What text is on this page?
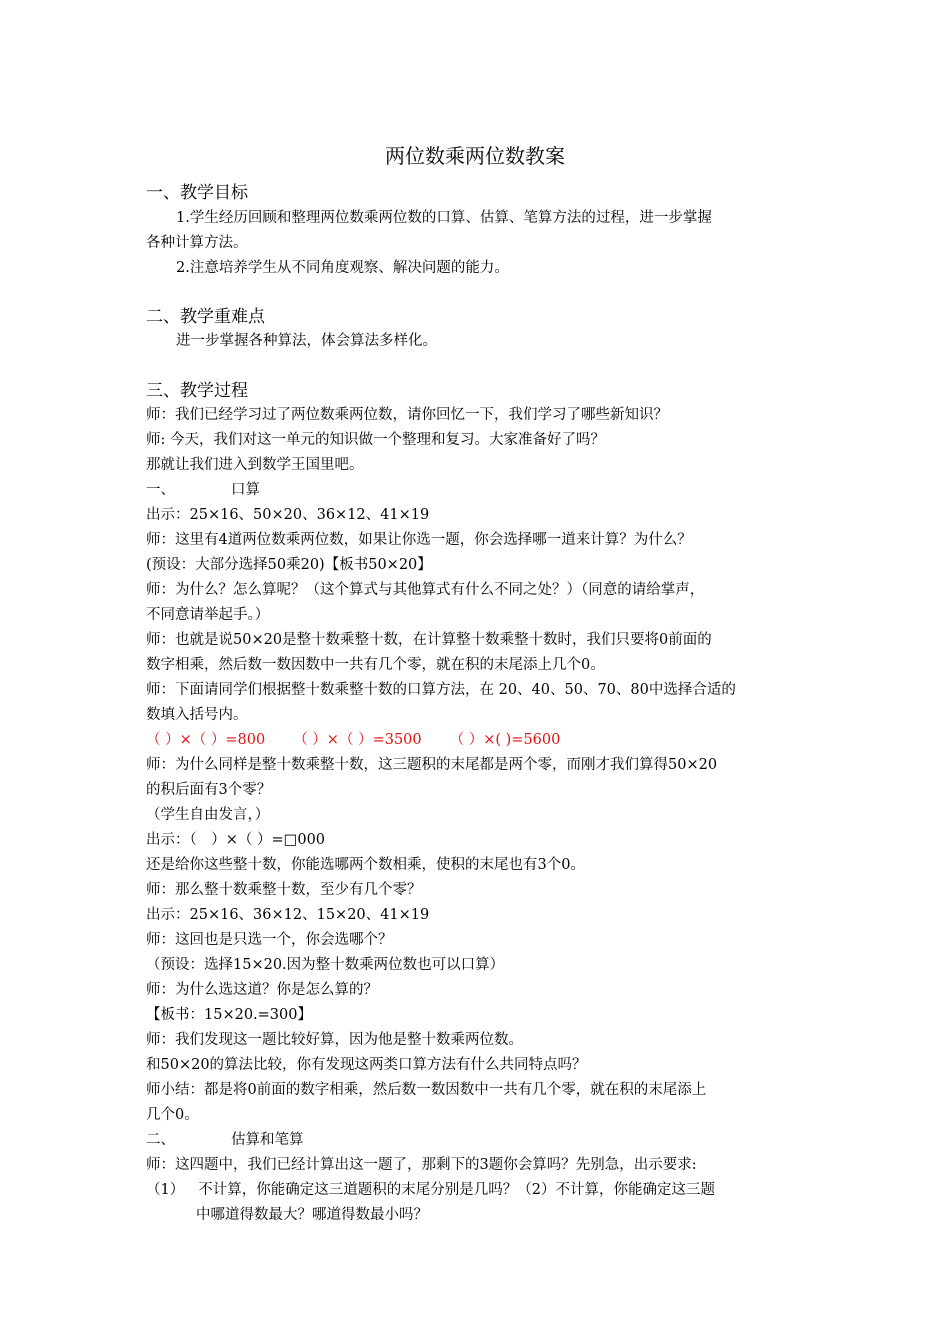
两位数乘两位数教案
一、教学目标
1.学生经历回顾和整理两位数乘两位数的口算、估算、笔算方法的过程，进一步掌握
各种计算方法。
2.注意培养学生从不同角度观察、解决问题的能力。
二、教学重难点
进一步掌握各种算法，体会算法多样化。
三、教学过程
师：我们已经学习过了两位数乘两位数，请你回忆一下，我们学习了哪些新知识？
师: 今天，我们对这一单元的知识做一个整理和复习。大家准备好了吗？
那就让我们进入到数学王国里吧。
一、	口算
出示：25×16、50×20、36×12、41×19
师：这里有4道两位数乘两位数，如果让你选一题，你会选择哪一道来计算？为什么？
(预设：大部分选择50乘20)【板书50×20】
师：为什么？怎么算呢？（这个算式与其他算式有什么不同之处？）（同意的请给掌声，
不同意请举起手。）
师：也就是说50×20是整十数乘整十数，在计算整十数乘整十数时，我们只要将0前面的
数字相乘，然后数一数因数中一共有几个零，就在积的末尾添上几个0。
师：下面请同学们根据整十数乘整十数的口算方法，在 20、40、50、70、80中选择合适的
数填入括号内。
（ ）×（ ）=800 （ ）×（ ）=3500 （ ）×( )=5600
师：为什么同样是整十数乘整十数，这三题积的末尾都是两个零，而刚才我们算得50×20
的积后面有3个零？
（学生自由发言，）
出示：（　）×（ ）=□000
还是给你这些整十数，你能选哪两个数相乘，使积的末尾也有3个0。
师：那么整十数乘整十数，至少有几个零？
出示：25×16、36×12、15×20、41×19
师：这回也是只选一个，你会选哪个？
（预设：选择15×20.因为整十数乘两位数也可以口算）
师：为什么选这道？你是怎么算的？
【板书：15×20.=300】
师：我们发现这一题比较好算，因为他是整十数乘两位数。
和50×20的算法比较，你有发现这两类口算方法有什么共同特点吗？
师小结：都是将0前面的数字相乘，然后数一数因数中一共有几个零，就在积的末尾添上
几个0。
二、	估算和笔算
师：这四题中，我们已经计算出这一题了，那剩下的3题你会算吗？先别急，出示要求:
（1） 不计算，你能确定这三道题积的末尾分别是几吗？（2）不计算，你能确定这三题
中哪道得数最大？哪道得数最小吗？
